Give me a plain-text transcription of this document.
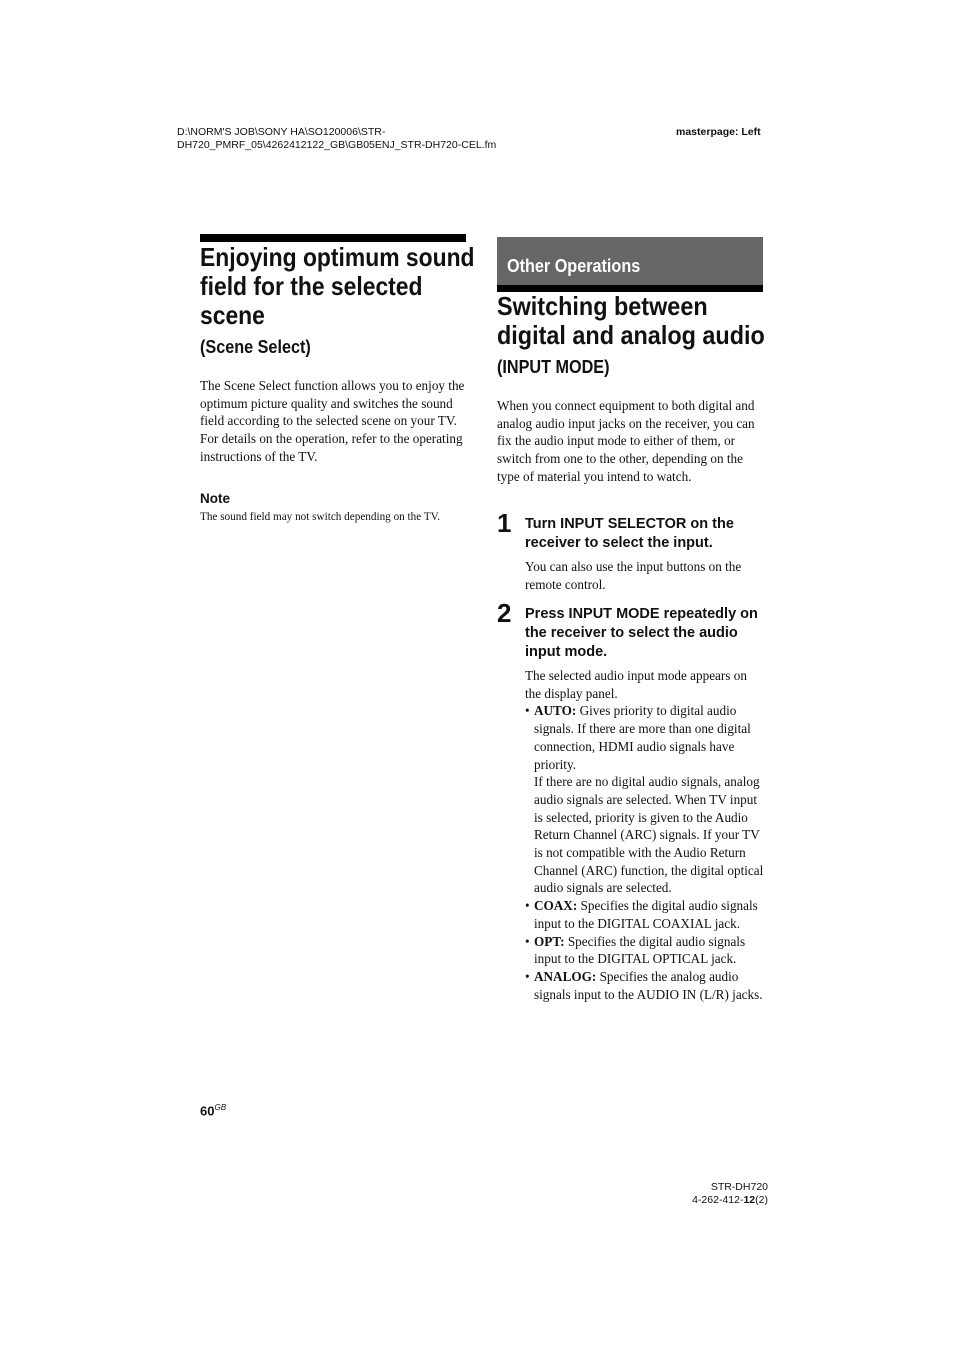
D:\NORM'S JOB\SONY HA\SO120006\STR-
DH720_PMRF_05\4262412122_GB\GB05ENJ_STR-DH720-CEL.fm
masterpage: Left
Enjoying optimum sound
field for the selected
scene
(Scene Select)

The Scene Select function allows you to enjoy the optimum picture quality and switches the sound field according to the selected scene on your TV.

For details on the operation, refer to the operating instructions of the TV.

Note
The sound field may not switch depending on the TV.
Other Operations
Switching between
digital and analog audio
(INPUT MODE)
When you connect equipment to both digital and analog audio input jacks on the receiver, you can fix the audio input mode to either of them, or switch from one to the other, depending on the type of material you intend to watch.
1 Turn INPUT SELECTOR on the receiver to select the input.
You can also use the input buttons on the remote control.
2 Press INPUT MODE repeatedly on the receiver to select the audio input mode.

The selected audio input mode appears on the display panel.

• AUTO: Gives priority to digital audio signals. If there are more than one digital connection, HDMI audio signals have priority.
If there are no digital audio signals, analog audio signals are selected. When TV input is selected, priority is given to the Audio Return Channel (ARC) signals. If your TV is not compatible with the Audio Return Channel (ARC) function, the digital optical audio signals are selected.
• COAX: Specifies the digital audio signals input to the DIGITAL COAXIAL jack.
• OPT: Specifies the digital audio signals input to the DIGITAL OPTICAL jack.
• ANALOG: Specifies the analog audio signals input to the AUDIO IN (L/R) jacks.
$60^{GB}$
STR-DH720
4-262-412-12(2)
